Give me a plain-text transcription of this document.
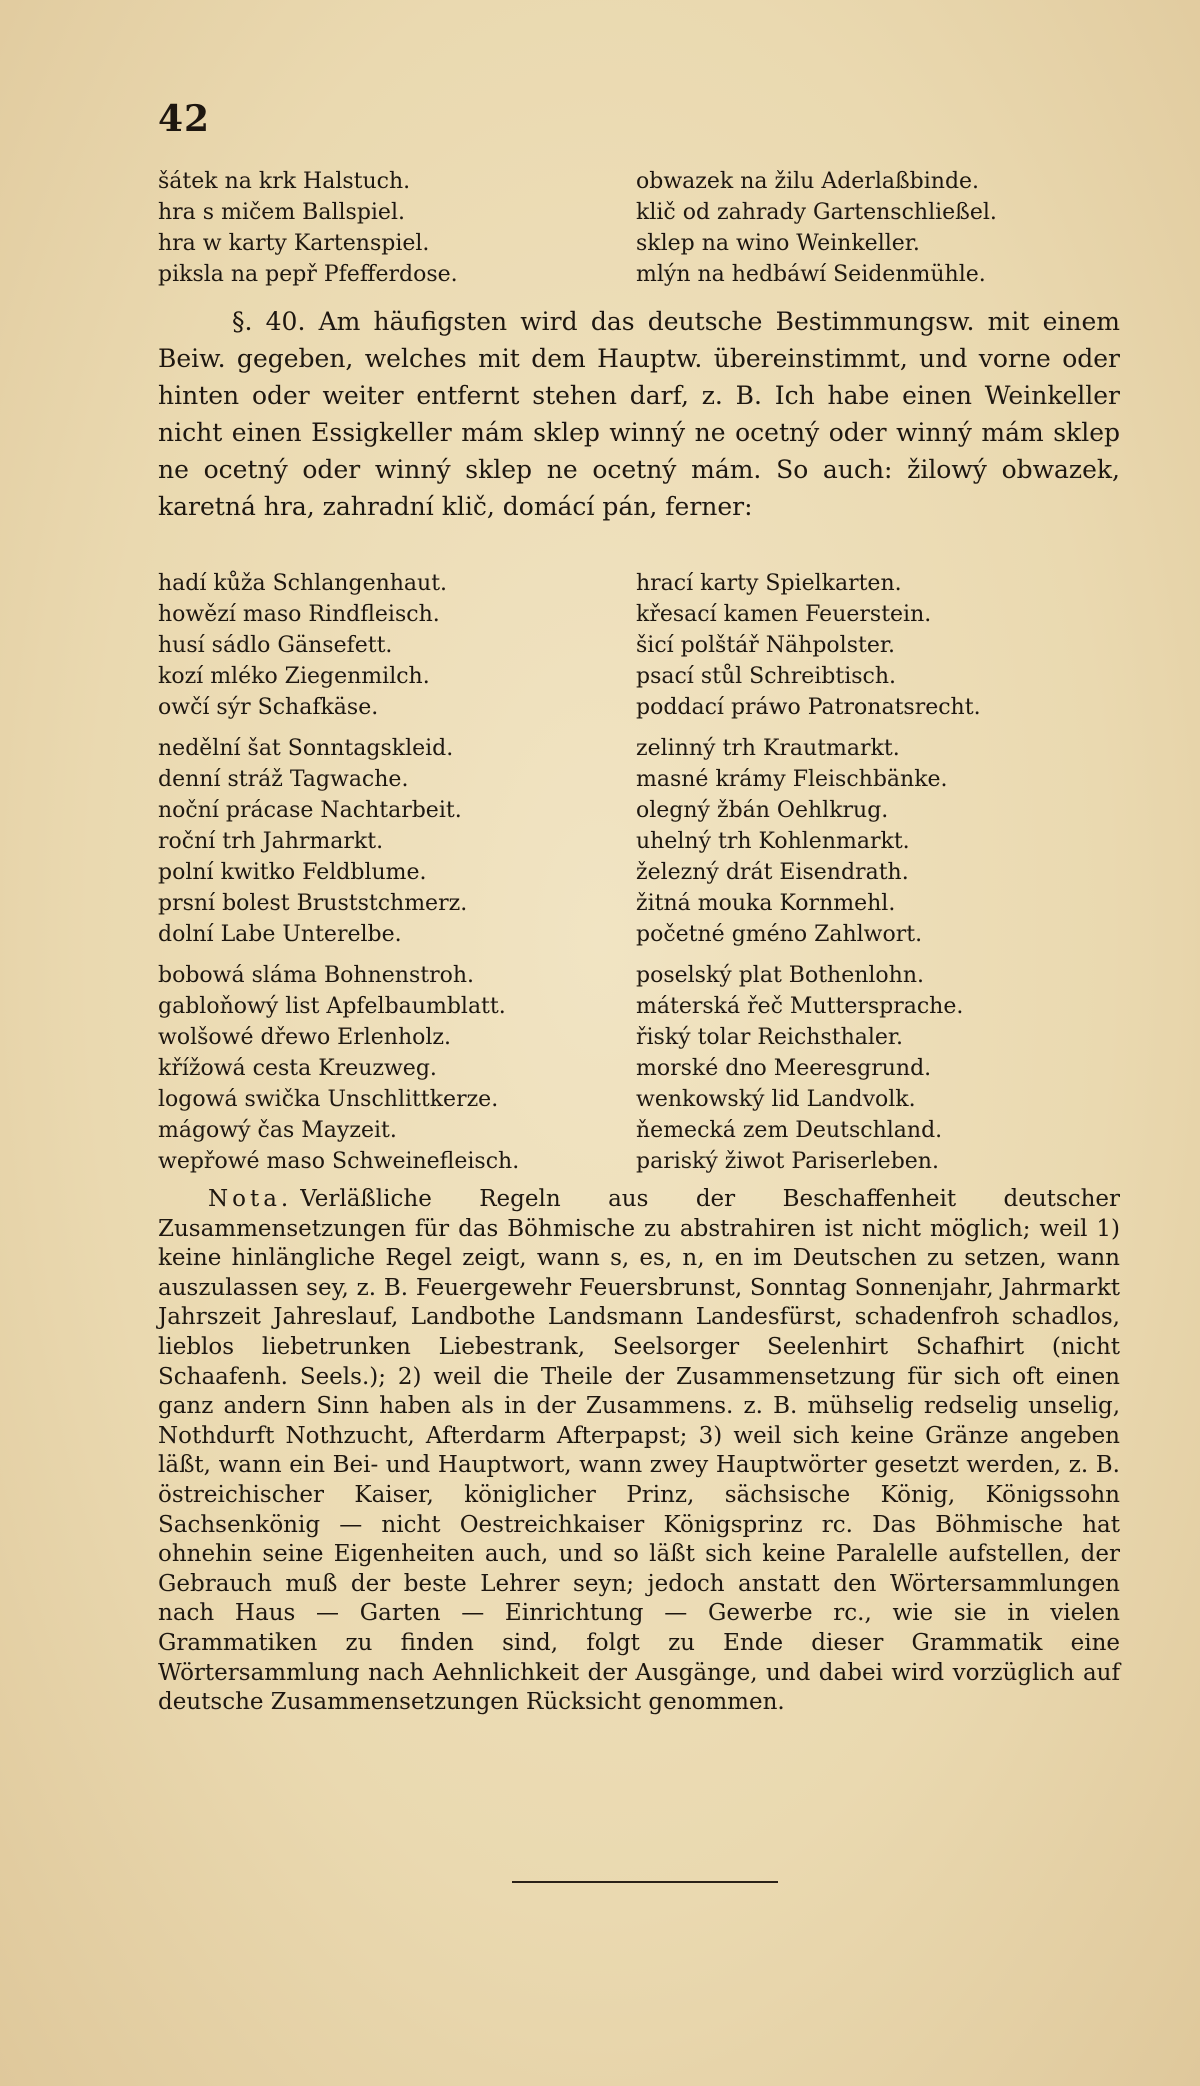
42
šátek na krk Halstuch.
hra s mičem Ballspiel.
hra w karty Kartenspiel.
piksla na pepř Pfefferdose.
obwazek na žilu Aderlaßbinde.
klič od zahrady Gartenschließel.
sklep na wino Weinkeller.
mlýn na hedbáwí Seidenmühle.
§. 40. Am häufigsten wird das deutsche Bestimmungsw. mit einem Beiw. gegeben, welches mit dem Hauptw. übereinstimmt, und vorne oder hinten oder weiter entfernt stehen darf, z. B. Ich habe einen Weinkeller nicht einen Essigkeller mám sklep winný ne ocetný oder winný mám sklep ne ocetný oder winný sklep ne ocetný mám. So auch: žilowý obwazek, karetná hra, zahradní klič, domácí pán, ferner:
hadí kůža Schlangenhaut.
howězí maso Rindfleisch.
husí sádlo Gänsefett.
kozí mléko Ziegenmilch.
owčí sýr Schafkäse.
nedělní šat Sonntagskleid.
denní stráž Tagwache.
noční prácase Nachtarbeit.
roční trh Jahrmarkt.
polní kwitko Feldblume.
prsní bolest Bruststchmerz.
dolní Labe Unterelbe.
bobowá sláma Bohnenstroh.
gabloňowý list Apfelbaumblatt.
wolšowé dřewo Erlenholz.
křížowá cesta Kreuzweg.
logowá swička Unschlittkerze.
mágowý čas Mayzeit.
wepřowé maso Schweinefleisch.
hrací karty Spielkarten.
křesací kamen Feuerstein.
šicí polštář Nähpolster.
psací stůl Schreibtisch.
poddací práwo Patronatsrecht.
zelinný trh Krautmarkt.
masné krámy Fleischbänke.
olegný žbán Oehlkrug.
uhelný trh Kohlenmarkt.
železný drát Eisendrath.
žitná mouka Kornmehl.
početné gméno Zahlwort.
poselský plat Bothenlohn.
máterská řeč Muttersprache.
řiský tolar Reichsthaler.
morské dno Meeresgrund.
wenkowský lid Landvolk.
ňemecká zem Deutschland.
pariský žiwot Pariserleben.
Nota. Verläßliche Regeln aus der Beschaffenheit deutscher Zusammensetzungen für das Böhmische zu abstrahiren ist nicht möglich; weil 1) keine hinlängliche Regel zeigt, wann s, es, n, en im Deutschen zu setzen, wann auszulassen sey, z. B. Feuergewehr Feuersbrunst, Sonntag Sonnenjahr, Jahrmarkt Jahrszeit Jahreslauf, Landbothe Landsmann Landesfürst, schadenfroh schadlos, lieblos liebetrunken Liebestrank, Seelsorger Seelenhirt Schafhirt (nicht Schaafenh. Seels.); 2) weil die Theile der Zusammensetzung für sich oft einen ganz andern Sinn haben als in der Zusammens. z. B. mühselig redselig unselig, Nothdurft Nothzucht, Afterdarm Afterpapst; 3) weil sich keine Gränze angeben läßt, wann ein Bei- und Hauptwort, wann zwey Hauptwörter gesetzt werden, z. B. östreichischer Kaiser, königlicher Prinz, sächsische König, Königssohn Sachsenkönig — nicht Oestreichkaiser Königsprinz rc. Das Böhmische hat ohnehin seine Eigenheiten auch, und so läßt sich keine Paralelle aufstellen, der Gebrauch muß der beste Lehrer seyn; jedoch anstatt den Wörtersammlungen nach Haus — Garten — Einrichtung — Gewerbe rc., wie sie in vielen Grammatiken zu finden sind, folgt zu Ende dieser Grammatik eine Wörtersammlung nach Aehnlichkeit der Ausgänge, und dabei wird vorzüglich auf deutsche Zusammensetzungen Rücksicht genommen.
